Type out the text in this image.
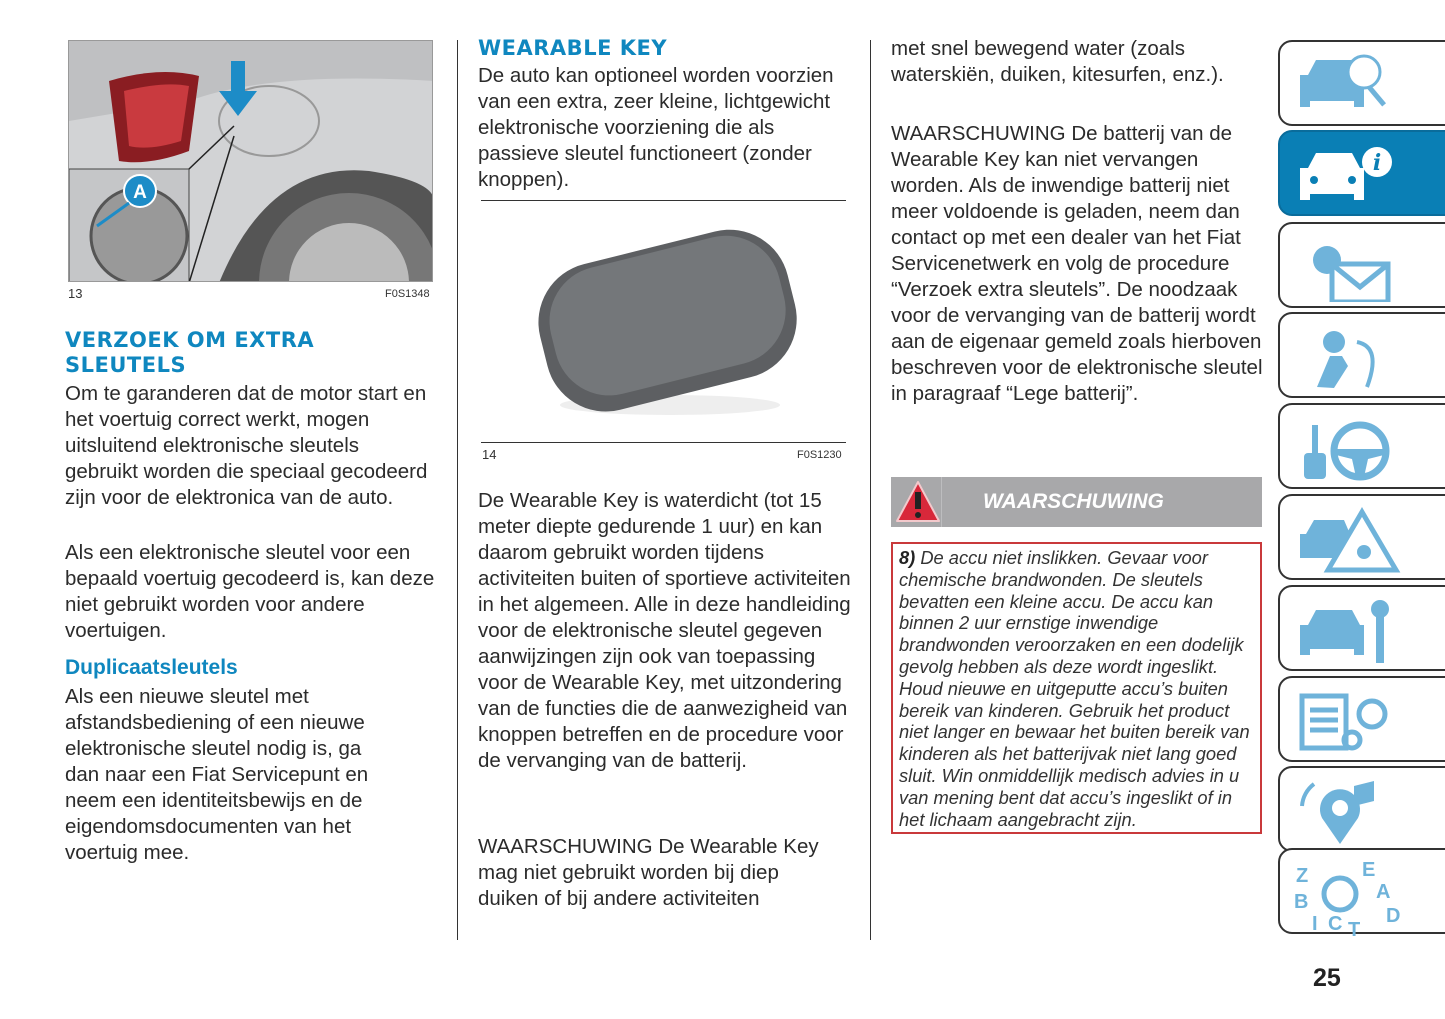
A
13	F0S1348
VERZOEK OM EXTRA SLEUTELS
Om te garanderen dat de motor start en het voertuig correct werkt, mogen uitsluitend elektronische sleutels gebruikt worden die speciaal gecodeerd zijn voor de elektronica van de auto.
Als een elektronische sleutel voor een bepaald voertuig gecodeerd is, kan deze niet gebruikt worden voor andere voertuigen.
Duplicaatsleutels
Als een nieuwe sleutel met afstandsbediening of een nieuwe elektronische sleutel nodig is, ga dan naar een Fiat Servicepunt en neem een identiteitsbewijs en de eigendomsdocumenten van het voertuig mee.
WEARABLE KEY
De auto kan optioneel worden voorzien van een extra, zeer kleine, lichtgewicht elektronische voorziening die als passieve sleutel functioneert (zonder knoppen).
14	F0S1230
De Wearable Key is waterdicht (tot 15 meter diepte gedurende 1 uur) en kan daarom gebruikt worden tijdens activiteiten buiten of sportieve activiteiten in het algemeen. Alle in deze handleiding voor de elektronische sleutel gegeven aanwijzingen zijn ook van toepassing voor de Wearable Key, met uitzondering van de functies die de aanwezigheid van knoppen betreffen en de procedure voor de vervanging van de batterij.
WAARSCHUWING De Wearable Key mag niet gebruikt worden bij diep duiken of bij andere activiteiten
met snel bewegend water (zoals waterskiën, duiken, kitesurfen, enz.).
WAARSCHUWING De batterij van de Wearable Key kan niet vervangen worden. Als de inwendige batterij niet meer voldoende is geladen, neem dan contact op met een dealer van het Fiat Servicenetwerk en volg de procedure “Verzoek extra sleutels”. De noodzaak voor de vervanging van de batterij wordt aan de eigenaar gemeld zoals hierboven beschreven voor de elektronische sleutel in paragraaf “Lege batterij”.
WAARSCHUWING
8) De accu niet inslikken. Gevaar voor chemische brandwonden. De sleutels bevatten een kleine accu. De accu kan binnen 2 uur ernstige inwendige brandwonden veroorzaken en een dodelijk gevolg hebben als deze wordt ingeslikt. Houd nieuwe en uitgeputte accu’s buiten bereik van kinderen. Gebruik het product niet langer en bewaar het buiten bereik van kinderen als het batterijvak niet lang goed sluit. Win onmiddellijk medisch advies in u van mening bent dat accu’s ingeslikt of in het lichaam aangebracht zijn.
i
Z	E
A
B
I C T
D
25
